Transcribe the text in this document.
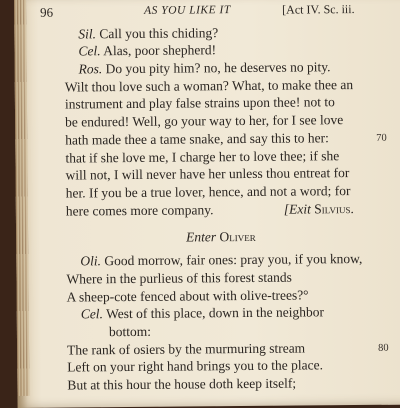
96	AS YOU LIKE IT	[Act IV. Sc. iii.
Sil. Call you this chiding?
Cel. Alas, poor shepherd!
Ros. Do you pity him? no, he deserves no pity.
Wilt thou love such a woman? What, to make thee an
instrument and play false strains upon thee! not to
be endured! Well, go your way to her, for I see love
hath made thee a tame snake, and say this to her:	70
that if she love me, I charge her to love thee; if she
will not, I will never have her unless thou entreat for
her. If you be a true lover, hence, and not a word; for
here comes more company.	[Exit Silvius.
Enter Oliver
Oli. Good morrow, fair ones: pray you, if you know,
Where in the purlieus of this forest stands
A sheep-cote fenced about with olive-trees?°
Cel. West of this place, down in the neighbor
bottom:
The rank of osiers by the murmuring stream	80
Left on your right hand brings you to the place.
But at this hour the house doth keep itself;
